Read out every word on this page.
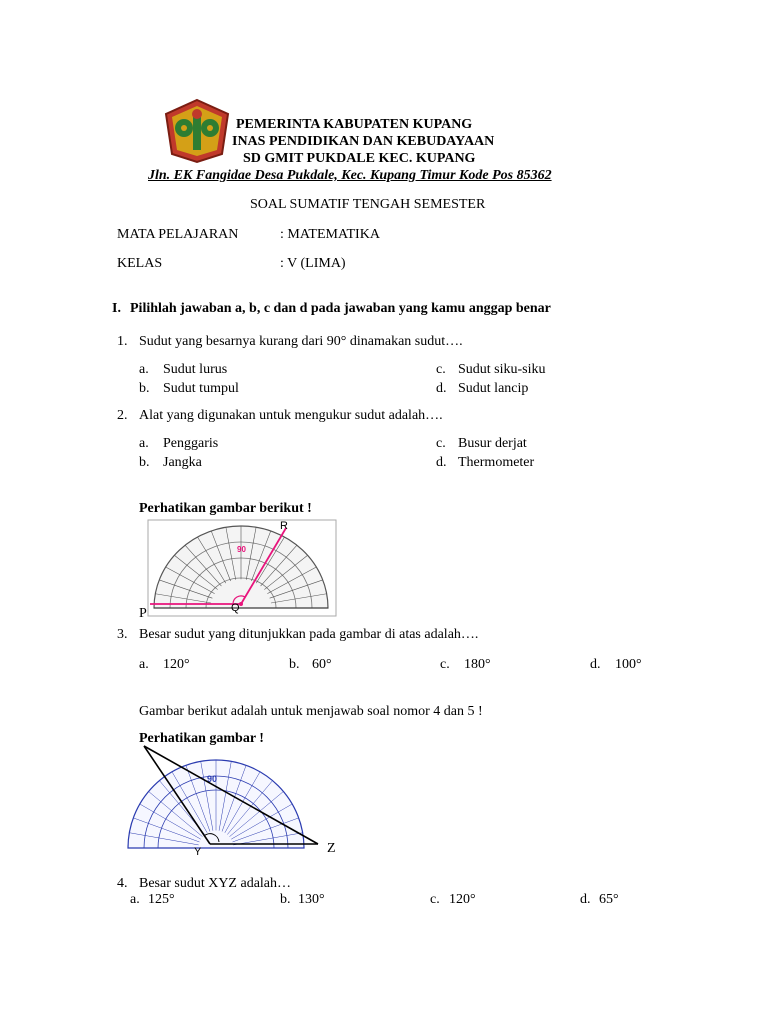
PEMERINTA KABUPATEN KUPANG
INAS PENDIDIKAN DAN KEBUDAYAAN
SD GMIT PUKDALE KEC. KUPANG
Jln. EK Fangidae Desa Pukdale, Kec. Kupang Timur Kode Pos 85362
SOAL SUMATIF TENGAH SEMESTER
MATA PELAJARAN	: MATEMATIKA
KELAS	: V (LIMA)
I. Pilihlah jawaban a, b, c dan d pada jawaban yang kamu anggap benar
1. Sudut yang besarnya kurang dari 90° dinamakan sudut….
a. Sudut lurus
b. Sudut tumpul
c. Sudut siku-siku
d. Sudut lancip
2. Alat yang digunakan untuk mengukur sudut adalah….
a. Penggaris
b. Jangka
c. Busur derjat
d. Thermometer
Perhatikan gambar berikut !
90
R
P	Q
3. Besar sudut yang ditunjukkan pada gambar di atas adalah….
a. 120°	b. 60°	c. 180°	d. 100°
Gambar berikut adalah untuk menjawab soal nomor 4 dan 5 !
Perhatikan gambar !
90
Y	Z
4. Besar sudut XYZ adalah…
a. 125°	b. 130°	c. 120°	d. 65°
